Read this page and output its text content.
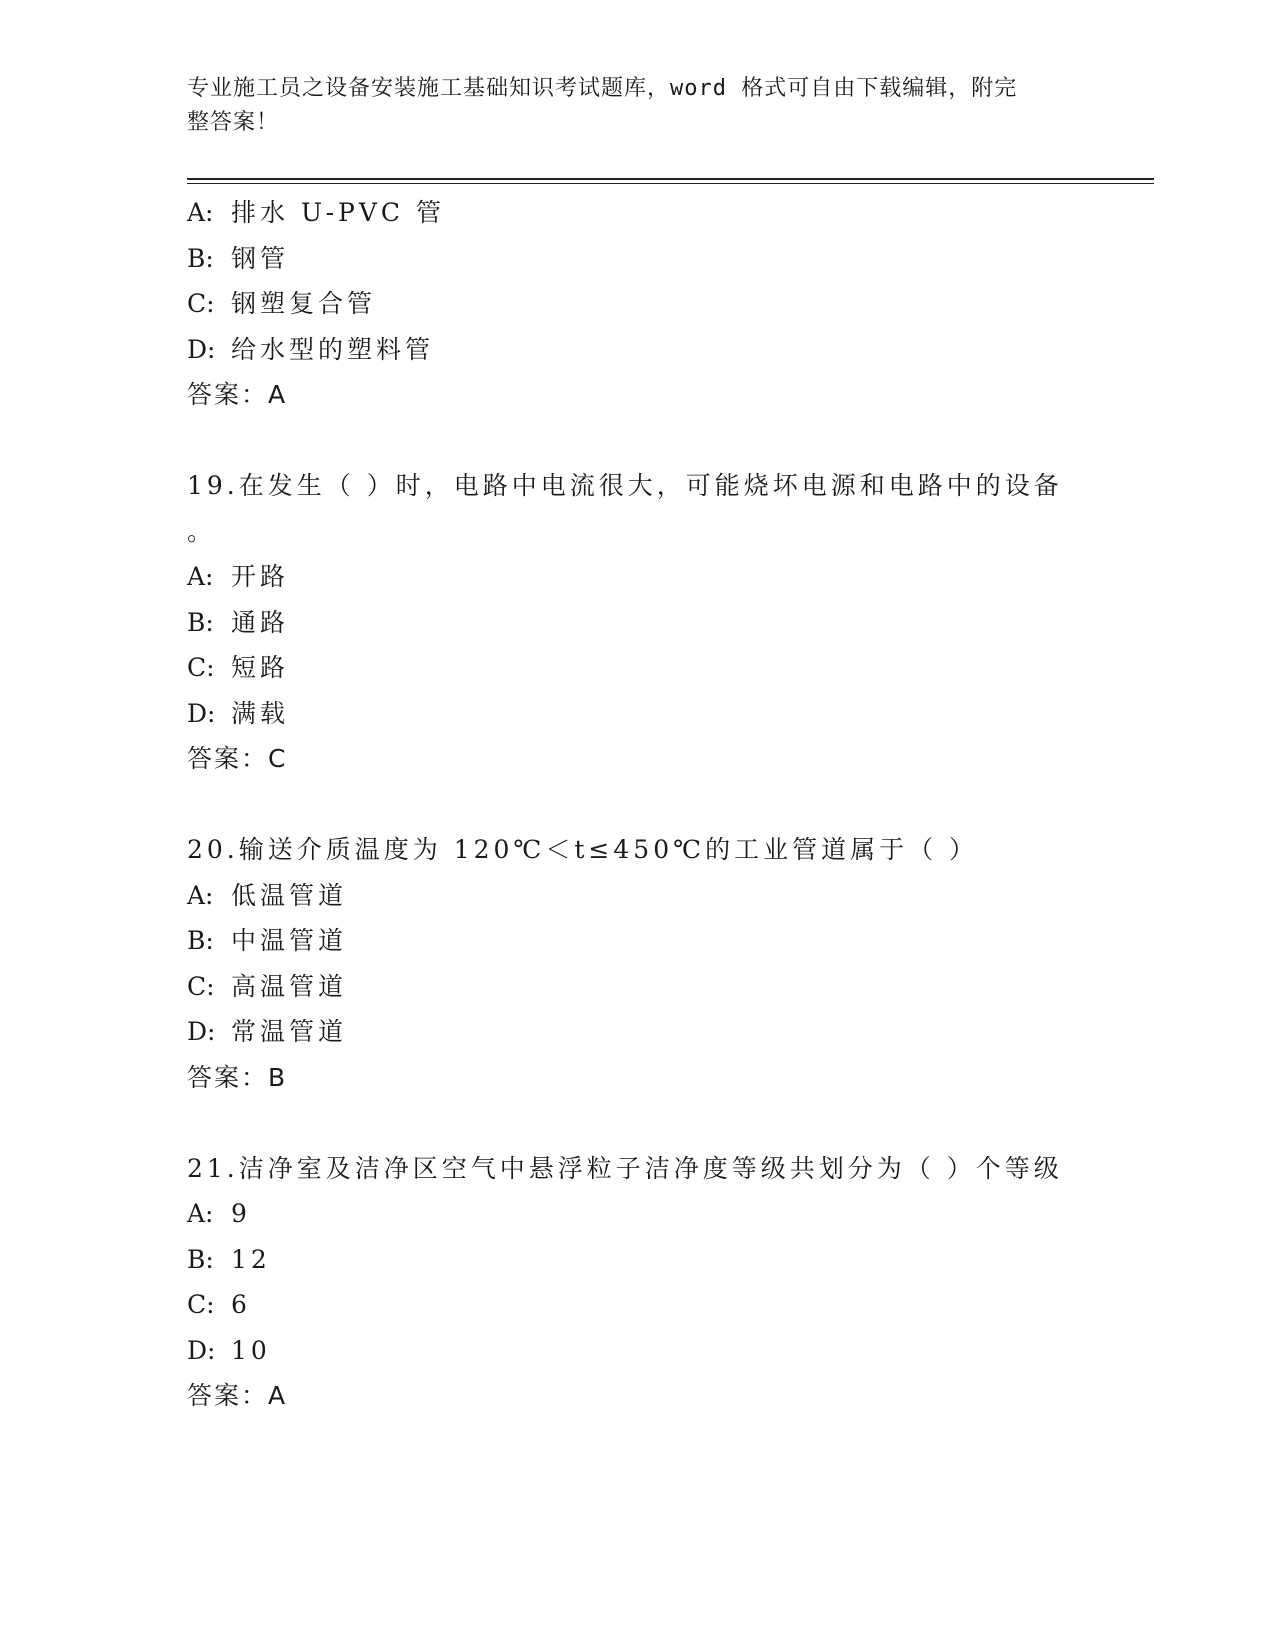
专业施工员之设备安装施工基础知识考试题库，word 格式可自由下载编辑，附完
整答案！
A: 排水 U-PVC 管
B: 钢管
C: 钢塑复合管
D: 给水型的塑料管
答案：A
19.在发生（ ）时，电路中电流很大，可能烧坏电源和电路中的设备
。
A: 开路
B: 通路
C: 短路
D: 满载
答案：C
20.输送介质温度为 120℃＜t≤450℃的工业管道属于（ ）
A: 低温管道
B: 中温管道
C: 高温管道
D: 常温管道
答案：B
21.洁净室及洁净区空气中悬浮粒子洁净度等级共划分为（ ）个等级
A: 9
B: 12
C: 6
D: 10
答案：A
